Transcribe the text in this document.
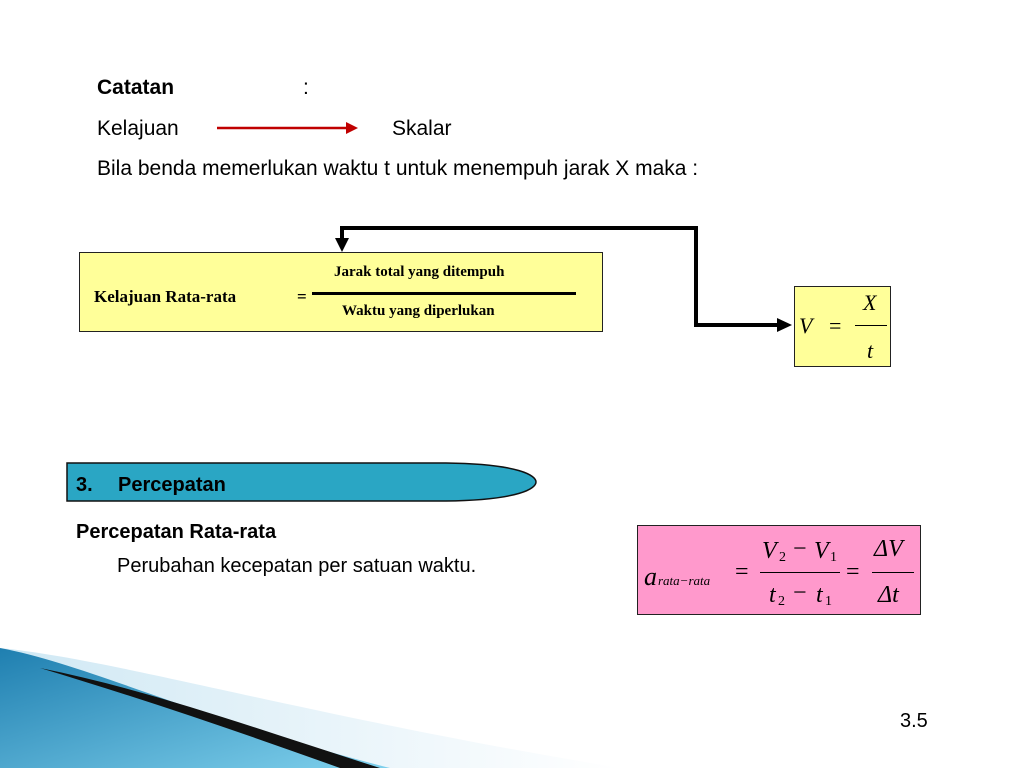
Catatan	:
Kelajuan	Skalar
Bila benda memerlukan waktu t untuk menempuh jarak X maka :
Kelajuan Rata-rata	=
Jarak total yang ditempuh
Waktu yang diperlukan
V =
X
t
3. Percepatan
Percepatan Rata-rata
Perubahan kecepatan per satuan waktu.	a rata−rata =
V 2 − V 1
t 2 − t 1
=
ΔV
Δt
3.5
